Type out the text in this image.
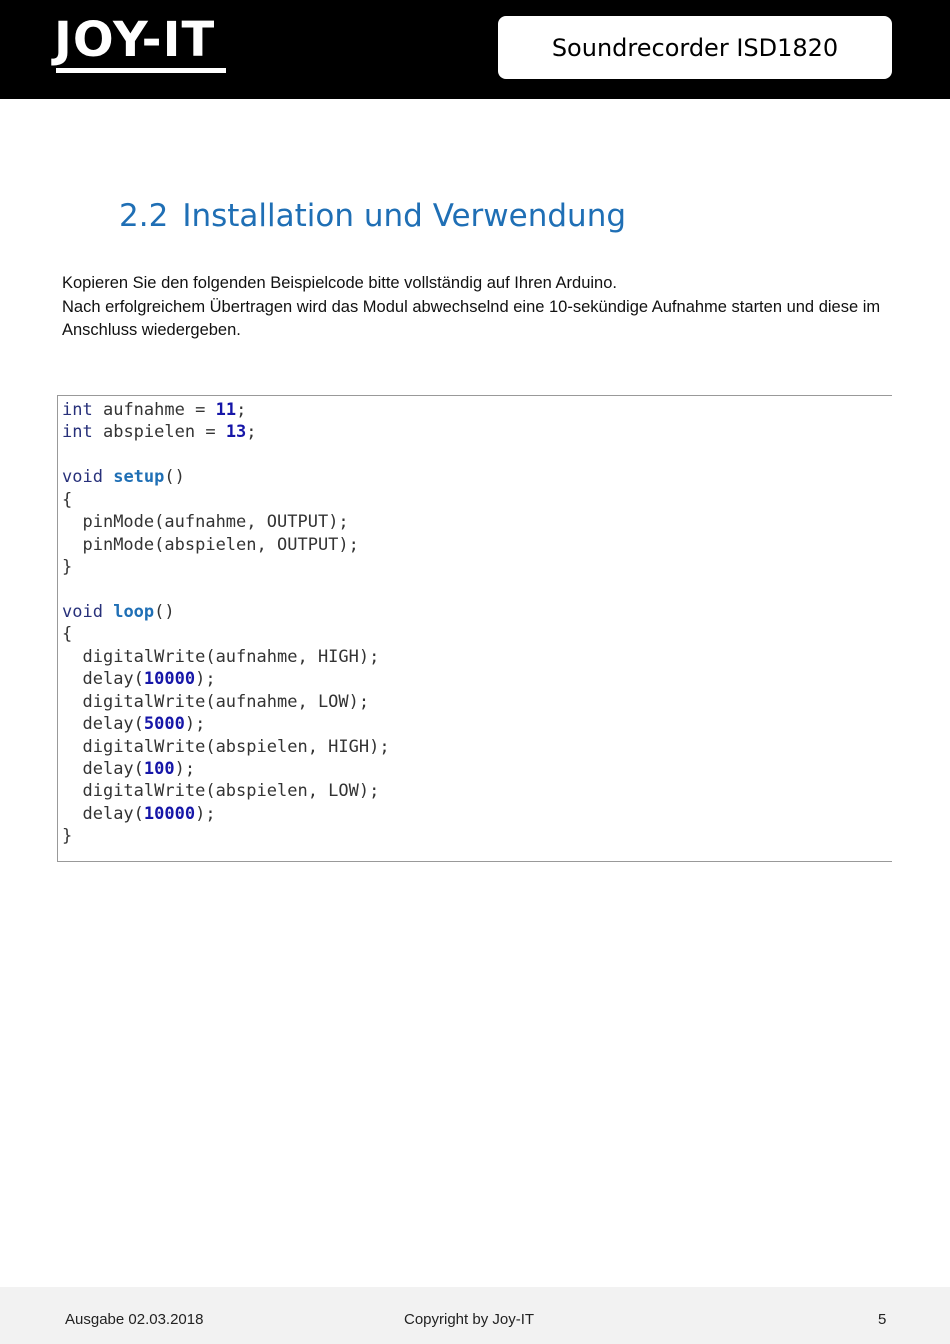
JOY-IT	Soundrecorder ISD1820
2.2 Installation und Verwendung

Kopieren Sie den folgenden Beispielcode bitte vollständig auf Ihren Arduino.

Nach erfolgreichem Übertragen wird das Modul abwechselnd eine 10-sekündige Aufnahme starten und diese im Anschluss wiedergeben.

int aufnahme = 11;
int abspielen = 13;

void setup()
{
pinMode(aufnahme, OUTPUT);
pinMode(abspielen, OUTPUT);
}

void loop()
{
digitalWrite(aufnahme, HIGH);
delay(10000);
digitalWrite(aufnahme, LOW);
delay(5000);
digitalWrite(abspielen, HIGH);
delay(100);
digitalWrite(abspielen, LOW);
delay(10000);
}
Ausgabe 02.03.2018	Copyright by Joy-IT	5
